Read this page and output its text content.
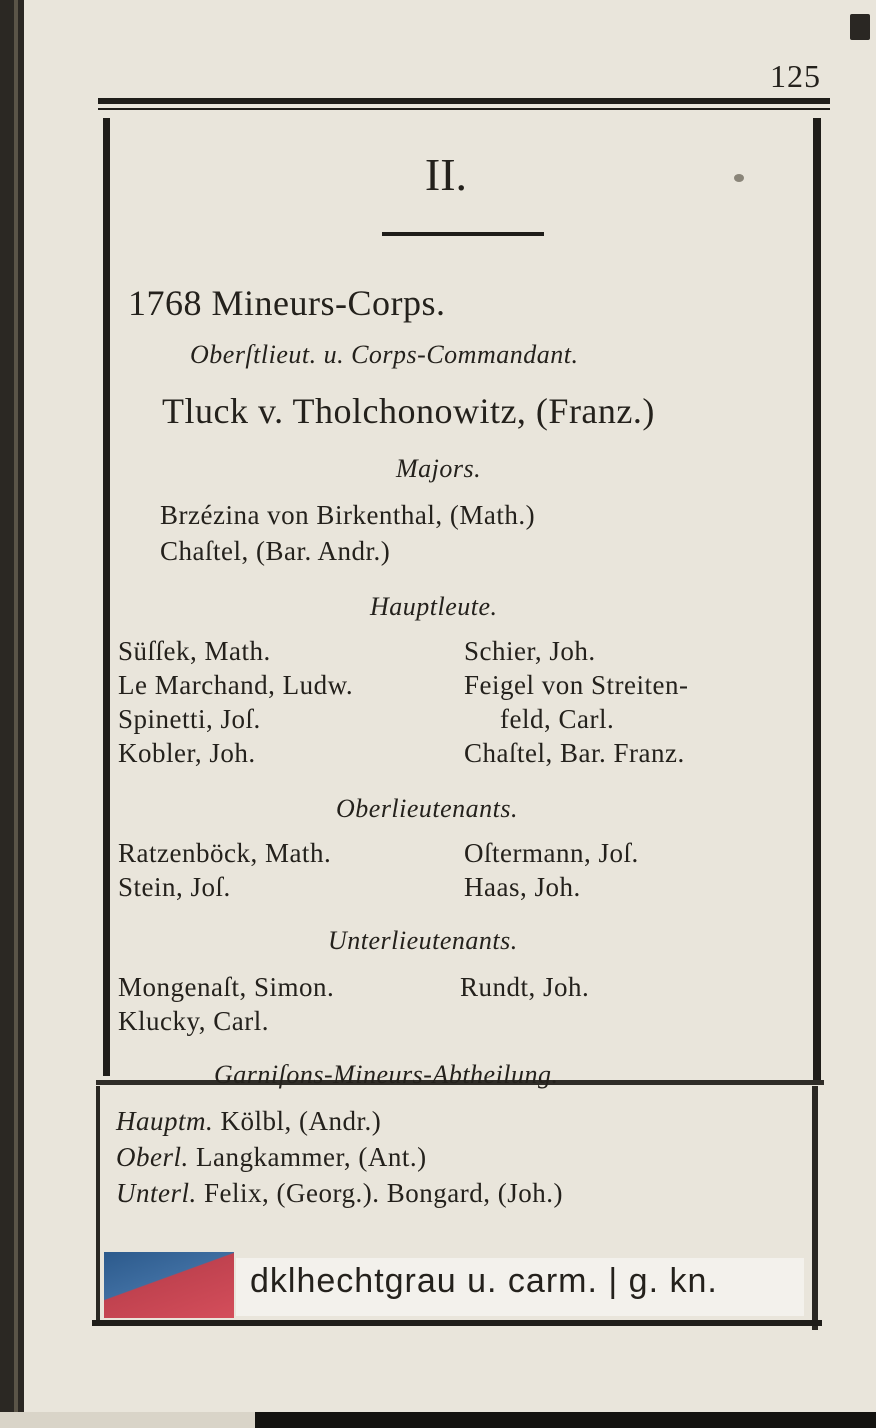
125
II.
1768 Mineurs-Corps.
Oberſtlieut. u. Corps-Commandant.
Tluck v. Tholchonowitz, (Franz.)
Majors.
Brzézina von Birkenthal, (Math.)
Chaſtel, (Bar. Andr.)
Hauptleute.
Süſſek, Math.
Le Marchand, Ludw.
Spinetti, Joſ.
Kobler, Joh.
Schier, Joh.
Feigel von Streiten-
feld, Carl.
Chaſtel, Bar. Franz.
Oberlieutenants.
Ratzenböck, Math.
Stein, Joſ.
Oſtermann, Joſ.
Haas, Joh.
Unterlieutenants.
Mongenaſt, Simon.
Klucky, Carl.
Rundt, Joh.
Garniſons-Mineurs-Abtheilung.
Hauptm. Kölbl, (Andr.)
Oberl. Langkammer, (Ant.)
Unterl. Felix, (Georg.). Bongard, (Joh.)
dklhechtgrau u. carm. | g. kn.
